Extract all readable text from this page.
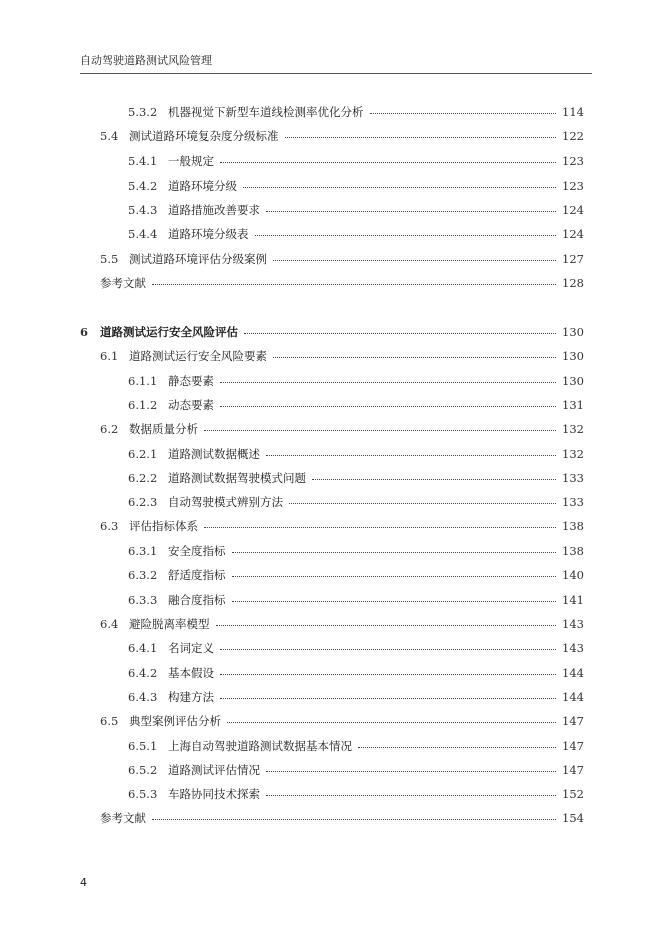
自动驾驶道路测试风险管理
5.3.2 机器视觉下新型车道线检测率优化分析	114
5.4 测试道路环境复杂度分级标准	122
5.4.1 一般规定	123
5.4.2 道路环境分级	123
5.4.3 道路措施改善要求	124
5.4.4 道路环境分级表	124
5.5 测试道路环境评估分级案例	127
参考文献	128
6	道路测试运行安全风险评估	130
6.1 道路测试运行安全风险要素	130
6.1.1 静态要素	130
6.1.2 动态要素	131
6.2 数据质量分析	132
6.2.1 道路测试数据概述	132
6.2.2 道路测试数据驾驶模式问题	133
6.2.3 自动驾驶模式辨别方法	133
6.3 评估指标体系	138
6.3.1 安全度指标	138
6.3.2 舒适度指标	140
6.3.3 融合度指标	141
6.4 避险脱离率模型	143
6.4.1 名词定义	143
6.4.2 基本假设	144
6.4.3 构建方法	144
6.5 典型案例评估分析	147
6.5.1 上海自动驾驶道路测试数据基本情况	147
6.5.2 道路测试评估情况	147
6.5.3 车路协同技术探索	152
参考文献	154
4
